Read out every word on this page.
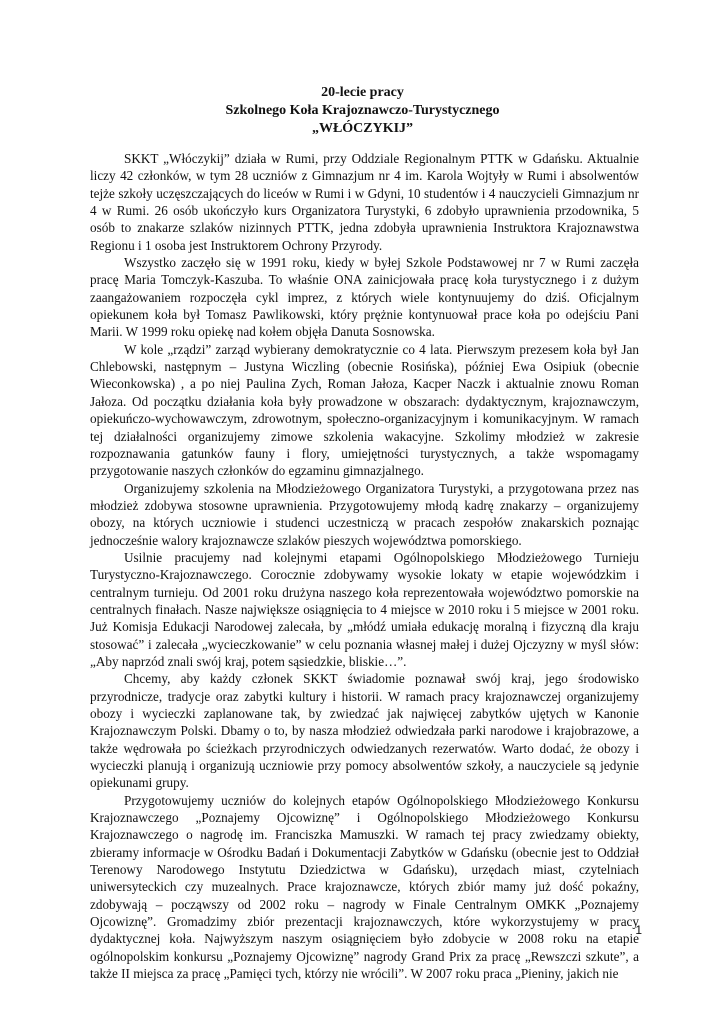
20-lecie pracy
Szkolnego Koła Krajoznawczo-Turystycznego
„WŁÓCZYKIJ”

SKKT „Włóczykij” działa w Rumi, przy Oddziale Regionalnym PTTK w Gdańsku. Aktualnie liczy 42 członków, w tym 28 uczniów z Gimnazjum nr 4 im. Karola Wojtyły w Rumi i absolwentów tejże szkoły uczęszczających do liceów w Rumi i w Gdyni, 10 studentów i 4 nauczycieli Gimnazjum nr 4 w Rumi. 26 osób ukończyło kurs Organizatora Turystyki, 6 zdobyło uprawnienia przodownika, 5 osób to znakarze szlaków nizinnych PTTK, jedna zdobyła uprawnienia Instruktora Krajoznawstwa Regionu i 1 osoba jest Instruktorem Ochrony Przyrody.

Wszystko zaczęło się w 1991 roku, kiedy w byłej Szkole Podstawowej nr 7 w Rumi zaczęła pracę Maria Tomczyk-Kaszuba. To właśnie ONA zainicjowała pracę koła turystycznego i z dużym zaangażowaniem rozpoczęła cykl imprez, z których wiele kontynuujemy do dziś. Oficjalnym opiekunem koła był Tomasz Pawlikowski, który prężnie kontynuował prace koła po odejściu Pani Marii. W 1999 roku opiekę nad kołem objęła Danuta Sosnowska.

W kole „rządzi” zarząd wybierany demokratycznie co 4 lata. Pierwszym prezesem koła był Jan Chlebowski, następnym – Justyna Wiczling (obecnie Rosińska), później Ewa Osipiuk (obecnie Wieconkowska) , a po niej Paulina Zych, Roman Jałoza, Kacper Naczk i aktualnie znowu Roman Jałoza. Od początku działania koła były prowadzone w obszarach: dydaktycznym, krajoznawczym, opiekuńczo-wychowawczym, zdrowotnym, społeczno-organizacyjnym i komunikacyjnym. W ramach tej działalności organizujemy zimowe szkolenia wakacyjne. Szkolimy młodzież w zakresie rozpoznawania gatunków fauny i flory, umiejętności turystycznych, a także wspomagamy przygotowanie naszych członków do egzaminu gimnazjalnego.

Organizujemy szkolenia na Młodzieżowego Organizatora Turystyki, a przygotowana przez nas młodzież zdobywa stosowne uprawnienia. Przygotowujemy młodą kadrę znakarzy – organizujemy obozy, na których uczniowie i studenci uczestniczą w pracach zespołów znakarskich poznając jednocześnie walory krajoznawcze szlaków pieszych województwa pomorskiego.

Usilnie pracujemy nad kolejnymi etapami Ogólnopolskiego Młodzieżowego Turnieju Turystyczno-Krajoznawczego. Corocznie zdobywamy wysokie lokaty w etapie wojewódzkim i centralnym turnieju. Od 2001 roku drużyna naszego koła reprezentowała województwo pomorskie na centralnych finałach. Nasze największe osiągnięcia to 4 miejsce w 2010 roku i 5 miejsce w 2001 roku. Już Komisja Edukacji Narodowej zalecała, by „młódź umiała edukację moralną i fizyczną dla kraju stosować” i zalecała „wycieczkowanie” w celu poznania własnej małej i dużej Ojczyzny w myśl słów: „Aby naprzód znali swój kraj, potem sąsiedzkie, bliskie…”.

Chcemy, aby każdy członek SKKT świadomie poznawał swój kraj, jego środowisko przyrodnicze, tradycje oraz zabytki kultury i historii. W ramach pracy krajoznawczej organizujemy obozy i wycieczki zaplanowane tak, by zwiedzać jak najwięcej zabytków ujętych w Kanonie Krajoznawczym Polski. Dbamy o to, by nasza młodzież odwiedzała parki narodowe i krajobrazowe, a także wędrowała po ścieżkach przyrodniczych odwiedzanych rezerwatów. Warto dodać, że obozy i wycieczki planują i organizują uczniowie przy pomocy absolwentów szkoły, a nauczyciele są jedynie opiekunami grupy.

Przygotowujemy uczniów do kolejnych etapów Ogólnopolskiego Młodzieżowego Konkursu Krajoznawczego „Poznajemy Ojcowiznę” i Ogólnopolskiego Młodzieżowego Konkursu Krajoznawczego o nagrodę im. Franciszka Mamuszki. W ramach tej pracy zwiedzamy obiekty, zbieramy informacje w Ośrodku Badań i Dokumentacji Zabytków w Gdańsku (obecnie jest to Oddział Terenowy Narodowego Instytutu Dziedzictwa w Gdańsku), urzędach miast, czytelniach uniwersyteckich czy muzealnych. Prace krajoznawcze, których zbiór mamy już dość pokaźny, zdobywają – począwszy od 2002 roku – nagrody w Finale Centralnym OMKK „Poznajemy Ojcowiznę”. Gromadzimy zbiór prezentacji krajoznawczych, które wykorzystujemy w pracy dydaktycznej koła. Najwyższym naszym osiągnięciem było zdobycie w 2008 roku na etapie ogólnopolskim konkursu „Poznajemy Ojcowiznę” nagrody Grand Prix za pracę „Rewszczi szkute”, a także II miejsca za pracę „Pamięci tych, którzy nie wrócili”. W 2007 roku praca „Pieniny, jakich nie

1
